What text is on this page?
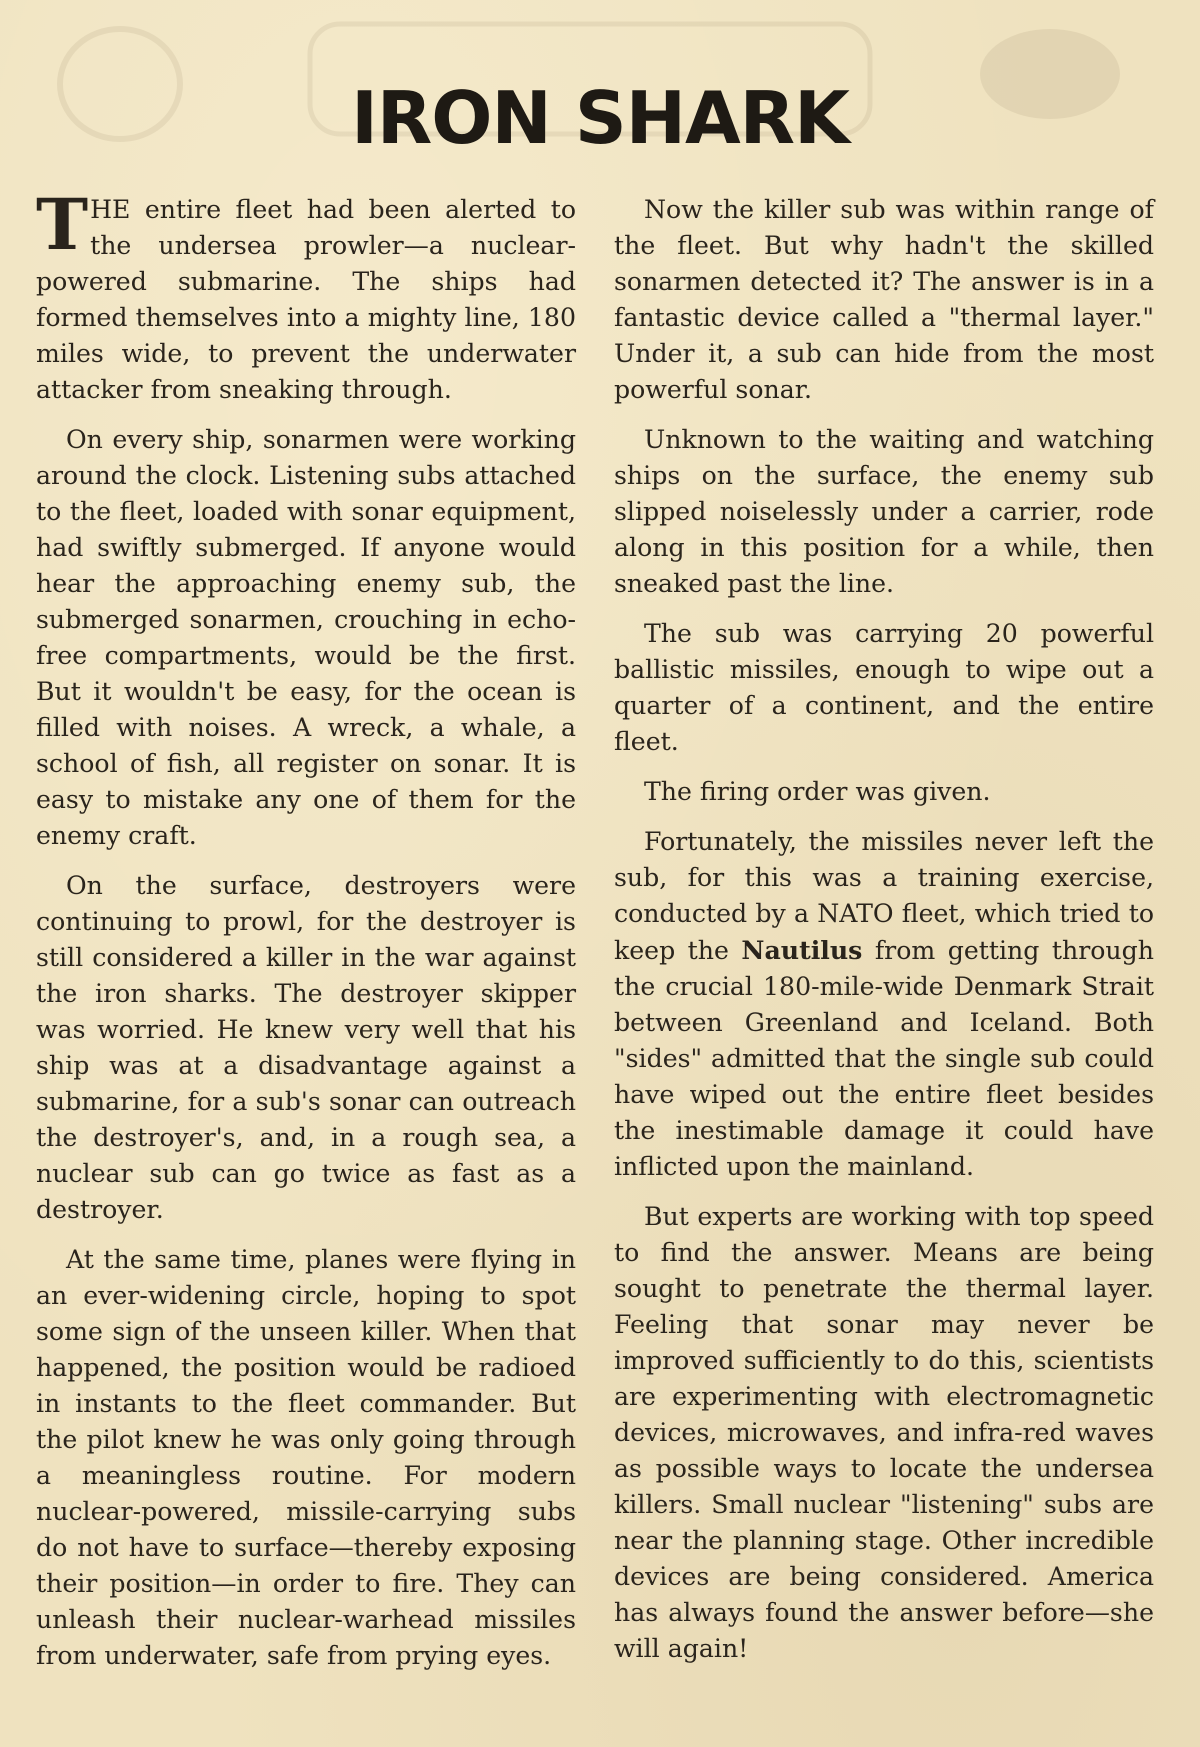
IRON SHARK

THE entire fleet had been alerted to the undersea prowler—a nuclear-powered submarine. The ships had formed themselves into a mighty line, 180 miles wide, to prevent the underwater attacker from sneaking through.

On every ship, sonarmen were working around the clock. Listening subs attached to the fleet, loaded with sonar equipment, had swiftly submerged. If anyone would hear the approaching enemy sub, the submerged sonarmen, crouching in echo-free compartments, would be the first. But it wouldn't be easy, for the ocean is filled with noises. A wreck, a whale, a school of fish, all register on sonar. It is easy to mistake any one of them for the enemy craft.

On the surface, destroyers were continuing to prowl, for the destroyer is still considered a killer in the war against the iron sharks. The destroyer skipper was worried. He knew very well that his ship was at a disadvantage against a submarine, for a sub's sonar can outreach the destroyer's, and, in a rough sea, a nuclear sub can go twice as fast as a destroyer.

At the same time, planes were flying in an ever-widening circle, hoping to spot some sign of the unseen killer. When that happened, the position would be radioed in instants to the fleet commander. But the pilot knew he was only going through a meaningless routine. For modern nuclear-powered, missile-carrying subs do not have to surface—thereby exposing their position—in order to fire. They can unleash their nuclear-warhead missiles from underwater, safe from prying eyes.

Now the killer sub was within range of the fleet. But why hadn't the skilled sonarmen detected it? The answer is in a fantastic device called a "thermal layer." Under it, a sub can hide from the most powerful sonar.

Unknown to the waiting and watching ships on the surface, the enemy sub slipped noiselessly under a carrier, rode along in this position for a while, then sneaked past the line.

The sub was carrying 20 powerful ballistic missiles, enough to wipe out a quarter of a continent, and the entire fleet.

The firing order was given.

Fortunately, the missiles never left the sub, for this was a training exercise, conducted by a NATO fleet, which tried to keep the Nautilus from getting through the crucial 180-mile-wide Denmark Strait between Greenland and Iceland. Both "sides" admitted that the single sub could have wiped out the entire fleet besides the inestimable damage it could have inflicted upon the mainland.

But experts are working with top speed to find the answer. Means are being sought to penetrate the thermal layer. Feeling that sonar may never be improved sufficiently to do this, scientists are experimenting with electromagnetic devices, microwaves, and infra-red waves as possible ways to locate the undersea killers. Small nuclear "listening" subs are near the planning stage. Other incredible devices are being considered. America has always found the answer before—she will again!
